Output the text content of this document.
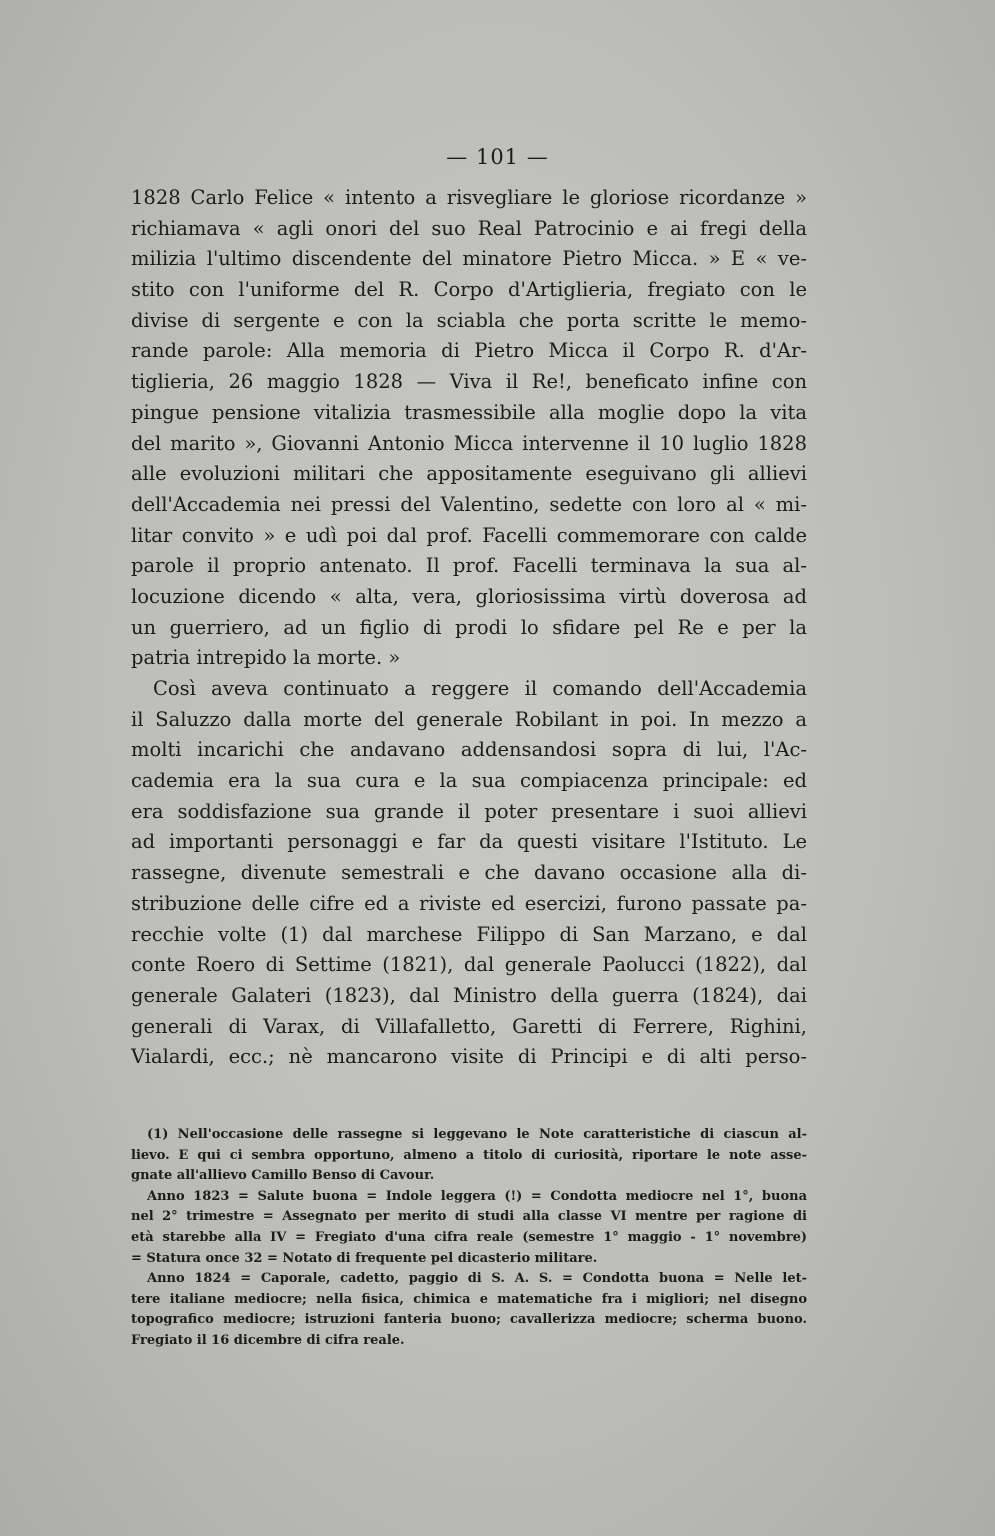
— 101 —
1828 Carlo Felice « intento a risvegliare le gloriose ricordanze »
richiamava « agli onori del suo Real Patrocinio e ai fregi della
milizia l'ultimo discendente del minatore Pietro Micca. » E « ve-
stito con l'uniforme del R. Corpo d'Artiglieria, fregiato con le
divise di sergente e con la sciabla che porta scritte le memo-
rande parole: Alla memoria di Pietro Micca il Corpo R. d'Ar-
tiglieria, 26 maggio 1828 — Viva il Re!, beneficato infine con
pingue pensione vitalizia trasmessibile alla moglie dopo la vita
del marito », Giovanni Antonio Micca intervenne il 10 luglio 1828
alle evoluzioni militari che appositamente eseguivano gli allievi
dell'Accademia nei pressi del Valentino, sedette con loro al « mi-
litar convito » e udì poi dal prof. Facelli commemorare con calde
parole il proprio antenato. Il prof. Facelli terminava la sua al-
locuzione dicendo « alta, vera, gloriosissima virtù doverosa ad
un guerriero, ad un figlio di prodi lo sfidare pel Re e per la
patria intrepido la morte. »
Così aveva continuato a reggere il comando dell'Accademia
il Saluzzo dalla morte del generale Robilant in poi. In mezzo a
molti incarichi che andavano addensandosi sopra di lui, l'Ac-
cademia era la sua cura e la sua compiacenza principale: ed
era soddisfazione sua grande il poter presentare i suoi allievi
ad importanti personaggi e far da questi visitare l'Istituto. Le
rassegne, divenute semestrali e che davano occasione alla di-
stribuzione delle cifre ed a riviste ed esercizi, furono passate pa-
recchie volte (1) dal marchese Filippo di San Marzano, e dal
conte Roero di Settime (1821), dal generale Paolucci (1822), dal
generale Galateri (1823), dal Ministro della guerra (1824), dai
generali di Varax, di Villafalletto, Garetti di Ferrere, Righini,
Vialardi, ecc.; nè mancarono visite di Principi e di alti perso-
(1) Nell'occasione delle rassegne si leggevano le Note caratteristiche di ciascun al-
lievo. E qui ci sembra opportuno, almeno a titolo di curiosità, riportare le note asse-
gnate all'allievo Camillo Benso di Cavour.
Anno 1823 = Salute buona = Indole leggera (!) = Condotta mediocre nel 1°, buona
nel 2° trimestre = Assegnato per merito di studi alla classe VI mentre per ragione di
età starebbe alla IV = Fregiato d'una cifra reale (semestre 1° maggio - 1° novembre)
= Statura once 32 = Notato di frequente pel dicasterio militare.
Anno 1824 = Caporale, cadetto, paggio di S. A. S. = Condotta buona = Nelle let-
tere italiane mediocre; nella fisica, chimica e matematiche fra i migliori; nel disegno
topografico mediocre; istruzioni fanteria buono; cavallerizza mediocre; scherma buono.
Fregiato il 16 dicembre di cifra reale.
